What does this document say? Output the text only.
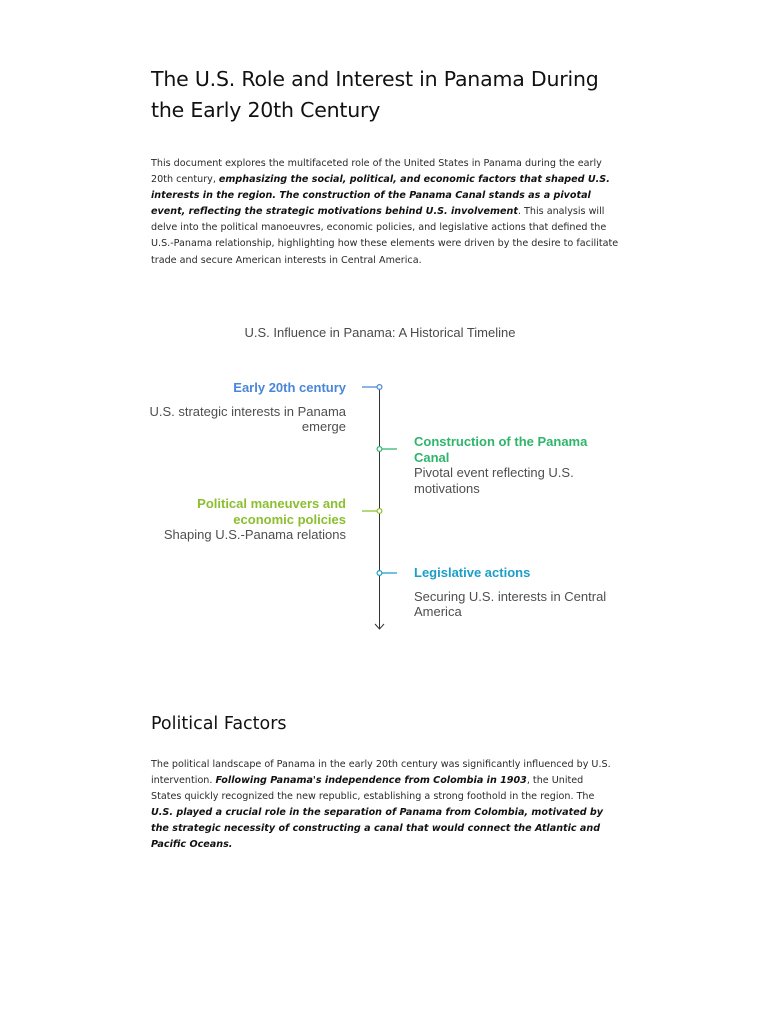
The U.S. Role and Interest in Panama During the Early 20th Century

This document explores the multifaceted role of the United States in Panama during the early 20th century, emphasizing the social, political, and economic factors that shaped U.S. interests in the region. The construction of the Panama Canal stands as a pivotal event, reflecting the strategic motivations behind U.S. involvement. This analysis will delve into the political manoeuvres, economic policies, and legislative actions that defined the U.S.-Panama relationship, highlighting how these elements were driven by the desire to facilitate trade and secure American interests in Central America.

U.S. Influence in Panama: A Historical Timeline
Political Factors

The political landscape of Panama in the early 20th century was significantly influenced by U.S. intervention. Following Panama's independence from Colombia in 1903, the United States quickly recognized the new republic, establishing a strong foothold in the region. The U.S. played a crucial role in the separation of Panama from Colombia, motivated by the strategic necessity of constructing a canal that would connect the Atlantic and Pacific Oceans.

Early 20th century
U.S. strategic interests in Panama emerge
Construction of the Panama Canal
Pivotal event reflecting U.S. motivations
Political maneuvers and economic policies
Shaping U.S.-Panama relations
Legislative actions
Securing U.S. interests in Central America
